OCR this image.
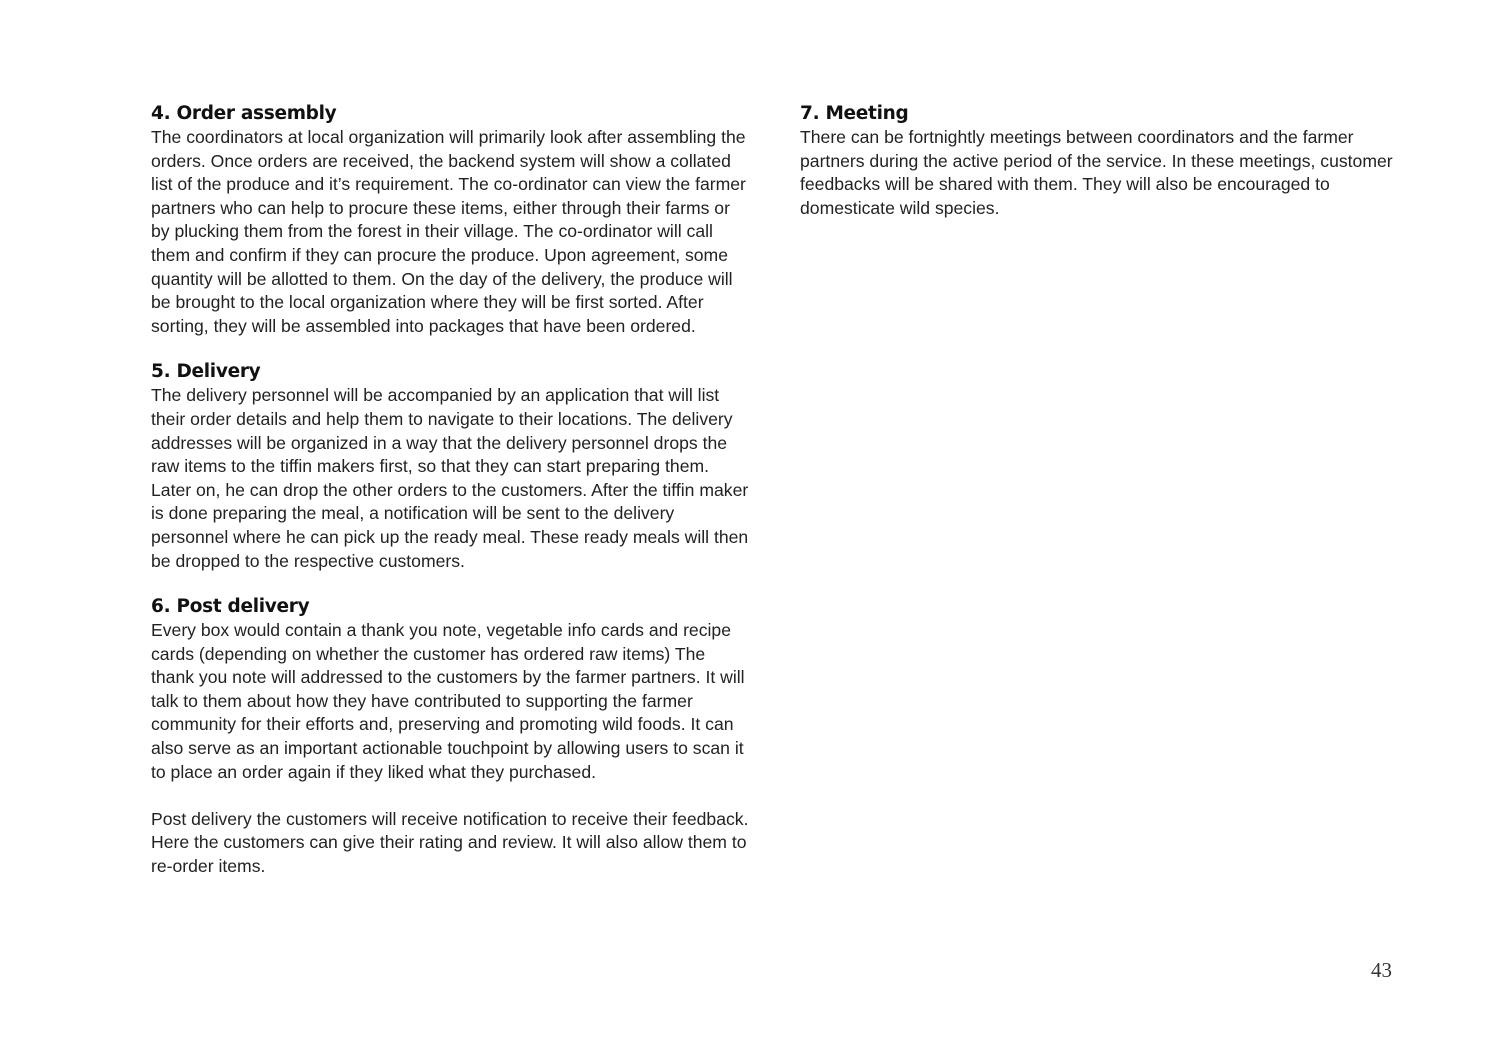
4. Order assembly

The coordinators at local organization will primarily look after assembling the orders. Once orders are received, the backend system will show a collated list of the produce and it’s requirement. The co-ordinator can view the farmer partners who can help to procure these items, either through their farms or by plucking them from the forest in their village. The co-ordinator will call them and confirm if they can procure the produce. Upon agreement, some quantity will be allotted to them. On the day of the delivery, the produce will be brought to the local organization where they will be first sorted. After sorting, they will be assembled into packages that have been ordered.

5. Delivery

The delivery personnel will be accompanied by an application that will list their order details and help them to navigate to their locations. The delivery addresses will be organized in a way that the delivery personnel drops the raw items to the tiffin makers first, so that they can start preparing them. Later on, he can drop the other orders to the customers. After the tiffin maker is done preparing the meal, a notification will be sent to the delivery personnel where he can pick up the ready meal. These ready meals will then be dropped to the respective customers.

6. Post delivery

Every box would contain a thank you note, vegetable info cards and recipe cards (depending on whether the customer has ordered raw items) The thank you note will addressed to the customers by the farmer partners. It will talk to them about how they have contributed to supporting the farmer community for their efforts and, preserving and promoting wild foods. It can also serve as an important actionable touchpoint by allowing users to scan it to place an order again if they liked what they purchased.

Post delivery the customers will receive notification to receive their feedback. Here the customers can give their rating and review. It will also allow them to re-order items.

7. Meeting

There can be fortnightly meetings between coordinators and the farmer partners during the active period of the service. In these meetings, customer feedbacks will be shared with them. They will also be encouraged to domesticate wild species.

43
